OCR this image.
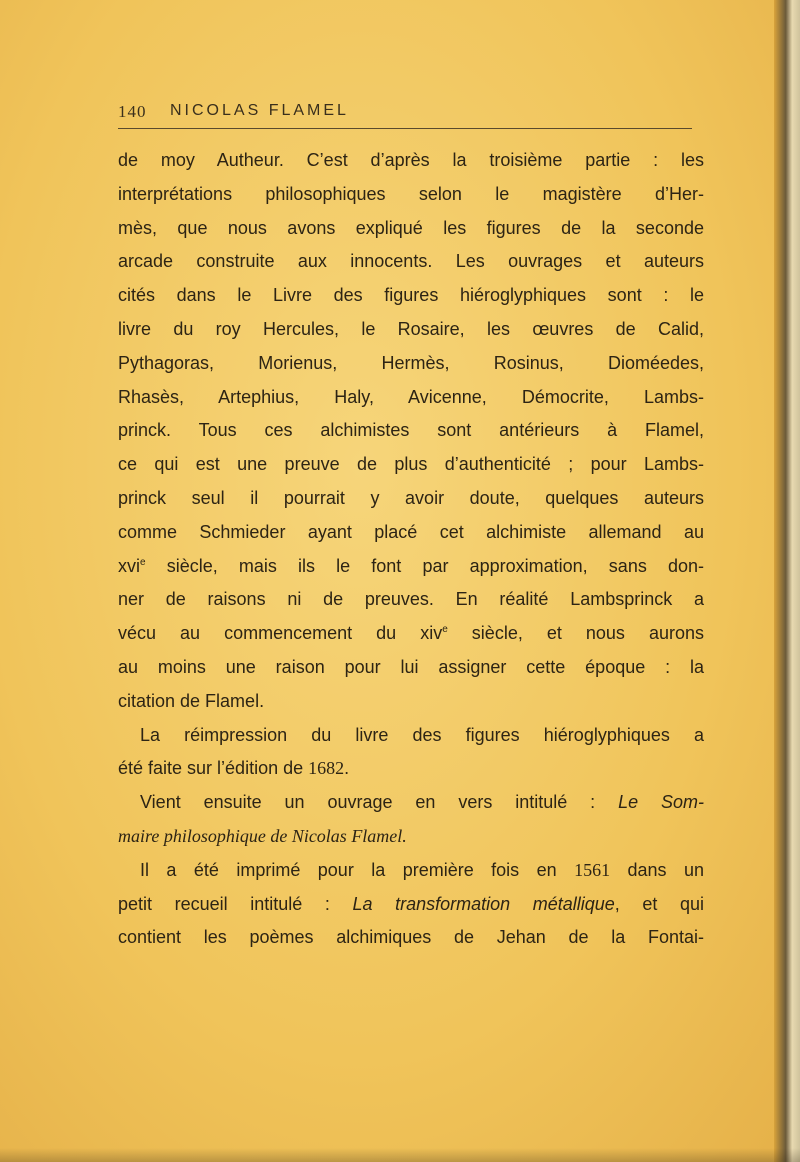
140 NICOLAS FLAMEL
de moy Autheur. C’est d’après la troisième partie : les
interprétations philosophiques selon le magistère d’Her-
mès, que nous avons expliqué les figures de la seconde
arcade construite aux innocents. Les ouvrages et auteurs
cités dans le Livre des figures hiéroglyphiques sont : le
livre du roy Hercules, le Rosaire, les œuvres de Calid,
Pythagoras, Morienus, Hermès, Rosinus, Dioméedes,
Rhasès, Artephius, Haly, Avicenne, Démocrite, Lambs-
princk. Tous ces alchimistes sont antérieurs à Flamel,
ce qui est une preuve de plus d’authenticité ; pour Lambs-
princk seul il pourrait y avoir doute, quelques auteurs
comme Schmieder ayant placé cet alchimiste allemand au
xvi$^e$ siècle, mais ils le font par approximation, sans don-
ner de raisons ni de preuves. En réalité Lambsprinck a
vécu au commencement du xiv$^e$ siècle, et nous aurons
au moins une raison pour lui assigner cette époque : la
citation de Flamel.
La réimpression du livre des figures hiéroglyphiques a
été faite sur l’édition de 1682.
Vient ensuite un ouvrage en vers intitulé : Le Som-
maire philosophique de Nicolas Flamel.
Il a été imprimé pour la première fois en 1561 dans un
petit recueil intitulé : La transformation métallique, et qui
contient les poèmes alchimiques de Jehan de la Fontai-
